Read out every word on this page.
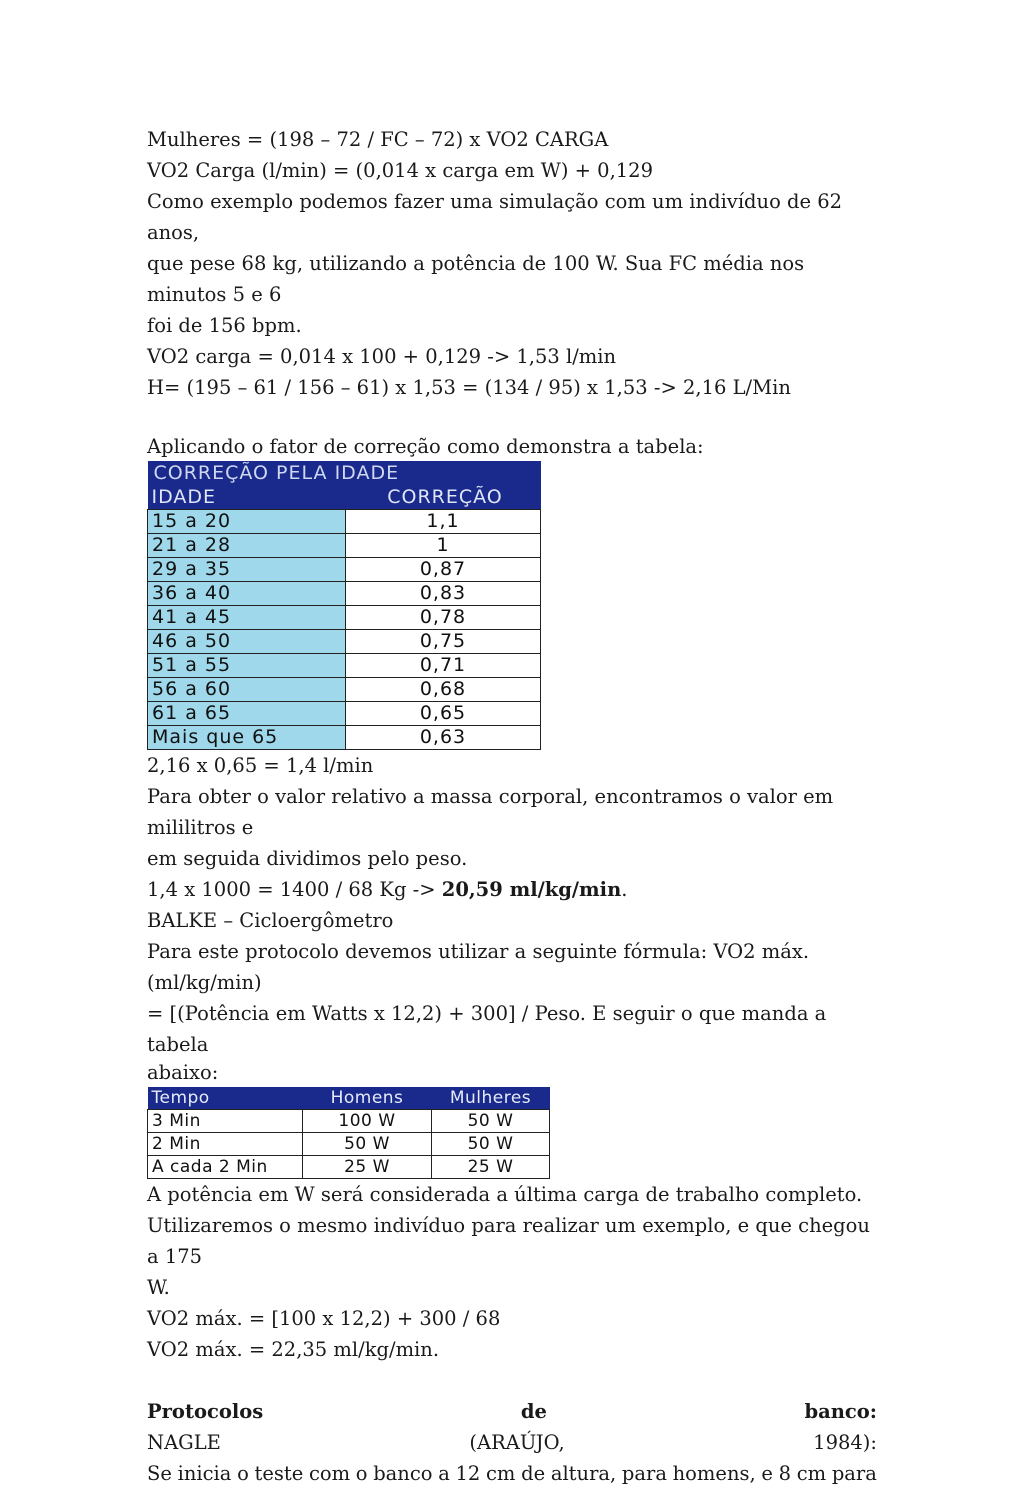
Mulheres = (198 – 72 / FC – 72) x VO2 CARGA

VO2 Carga (l/min) = (0,014 x carga em W) + 0,129

Como exemplo podemos fazer uma simulação com um indivíduo de 62 anos,

que pese 68 kg, utilizando a potência de 100 W. Sua FC média nos minutos 5 e 6

foi de 156 bpm.

VO2 carga = 0,014 x 100 + 0,129 -> 1,53 l/min

H= (195 – 61 / 156 – 61) x 1,53 = (134 / 95) x 1,53 -> 2,16 L/Min

Aplicando o fator de correção como demonstra a tabela:

CORREÇÃO PELA IDADE	
IDADE	CORREÇÃO
15 a 20	1,1
21 a 28	1
29 a 35	0,87
36 a 40	0,83
41 a 45	0,78
46 a 50	0,75
51 a 55	0,71
56 a 60	0,68
61 a 65	0,65
Mais que 65	0,63

2,16 x 0,65 = 1,4 l/min

Para obter o valor relativo a massa corporal, encontramos o valor em mililitros e

em seguida dividimos pelo peso.

1,4 x 1000 = 1400 / 68 Kg -> 20,59 ml/kg/min.

BALKE – Cicloergômetro

Para este protocolo devemos utilizar a seguinte fórmula: VO2 máx. (ml/kg/min)

= [(Potência em Watts x 12,2) + 300] / Peso. E seguir o que manda a tabela

abaixo:

Tempo	Homens	Mulheres
3 Min	100 W	50 W
2 Min	50 W	50 W
A cada 2 Min	25 W	25 W

A potência em W será considerada a última carga de trabalho completo.

Utilizaremos o mesmo indivíduo para realizar um exemplo, e que chegou a 175

W.

VO2 máx. = [100 x 12,2) + 300 / 68

VO2 máx. = 22,35 ml/kg/min.

Protocolos	de	banco:

NAGLE	(ARAÚJO,	1984):

Se inicia o teste com o banco a 12 cm de altura, para homens, e 8 cm para
